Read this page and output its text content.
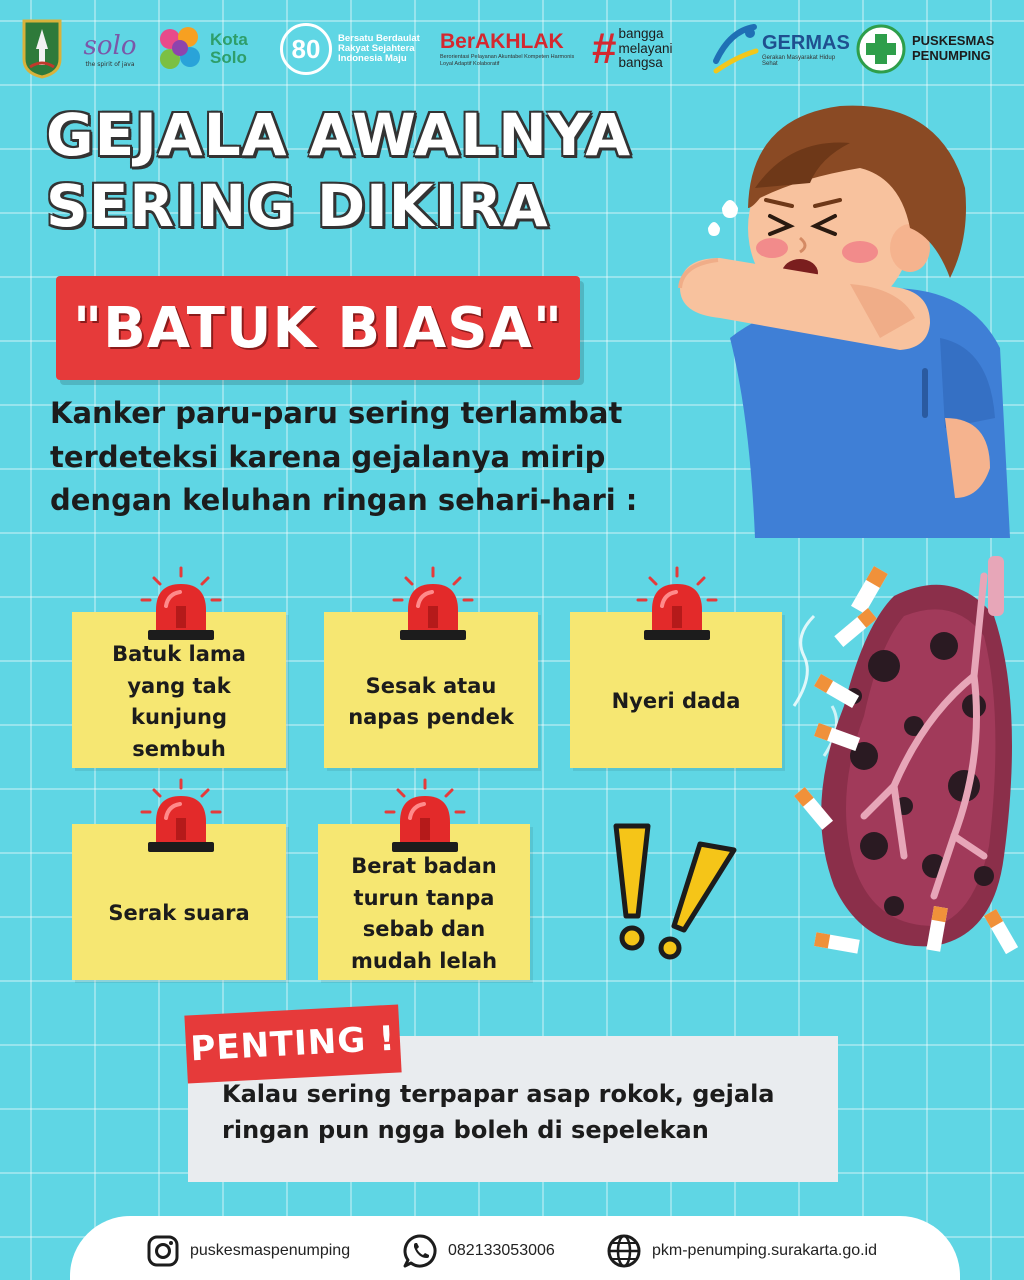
solo
the spirit of java
Kota Solo	80 Bersatu Berdaulat Rakyat Sejahtera Indonesia Maju
BerAKHLAK
Berorientasi Pelayanan Akuntabel Kompeten Harmonis Loyal Adaptif Kolaboratif	# bangga melayani bangsa
GERMAS
Gerakan Masyarakat Hidup Sehat
PUSKESMAS PENUMPING
GEJALA AWALNYA
SERING DIKIRA
"BATUK BIASA"
Kanker paru-paru sering terlambat terdeteksi karena gejalanya mirip dengan keluhan ringan sehari-hari :
Batuk lama yang tak kunjung sembuh
Sesak atau napas pendek
Nyeri dada
Serak suara
Berat badan turun tanpa sebab dan mudah lelah
Kalau sering terpapar asap rokok, gejala ringan pun ngga boleh di sepelekan
PENTING !
puskesmaspenumping	082133053006	pkm-penumping.surakarta.go.id
